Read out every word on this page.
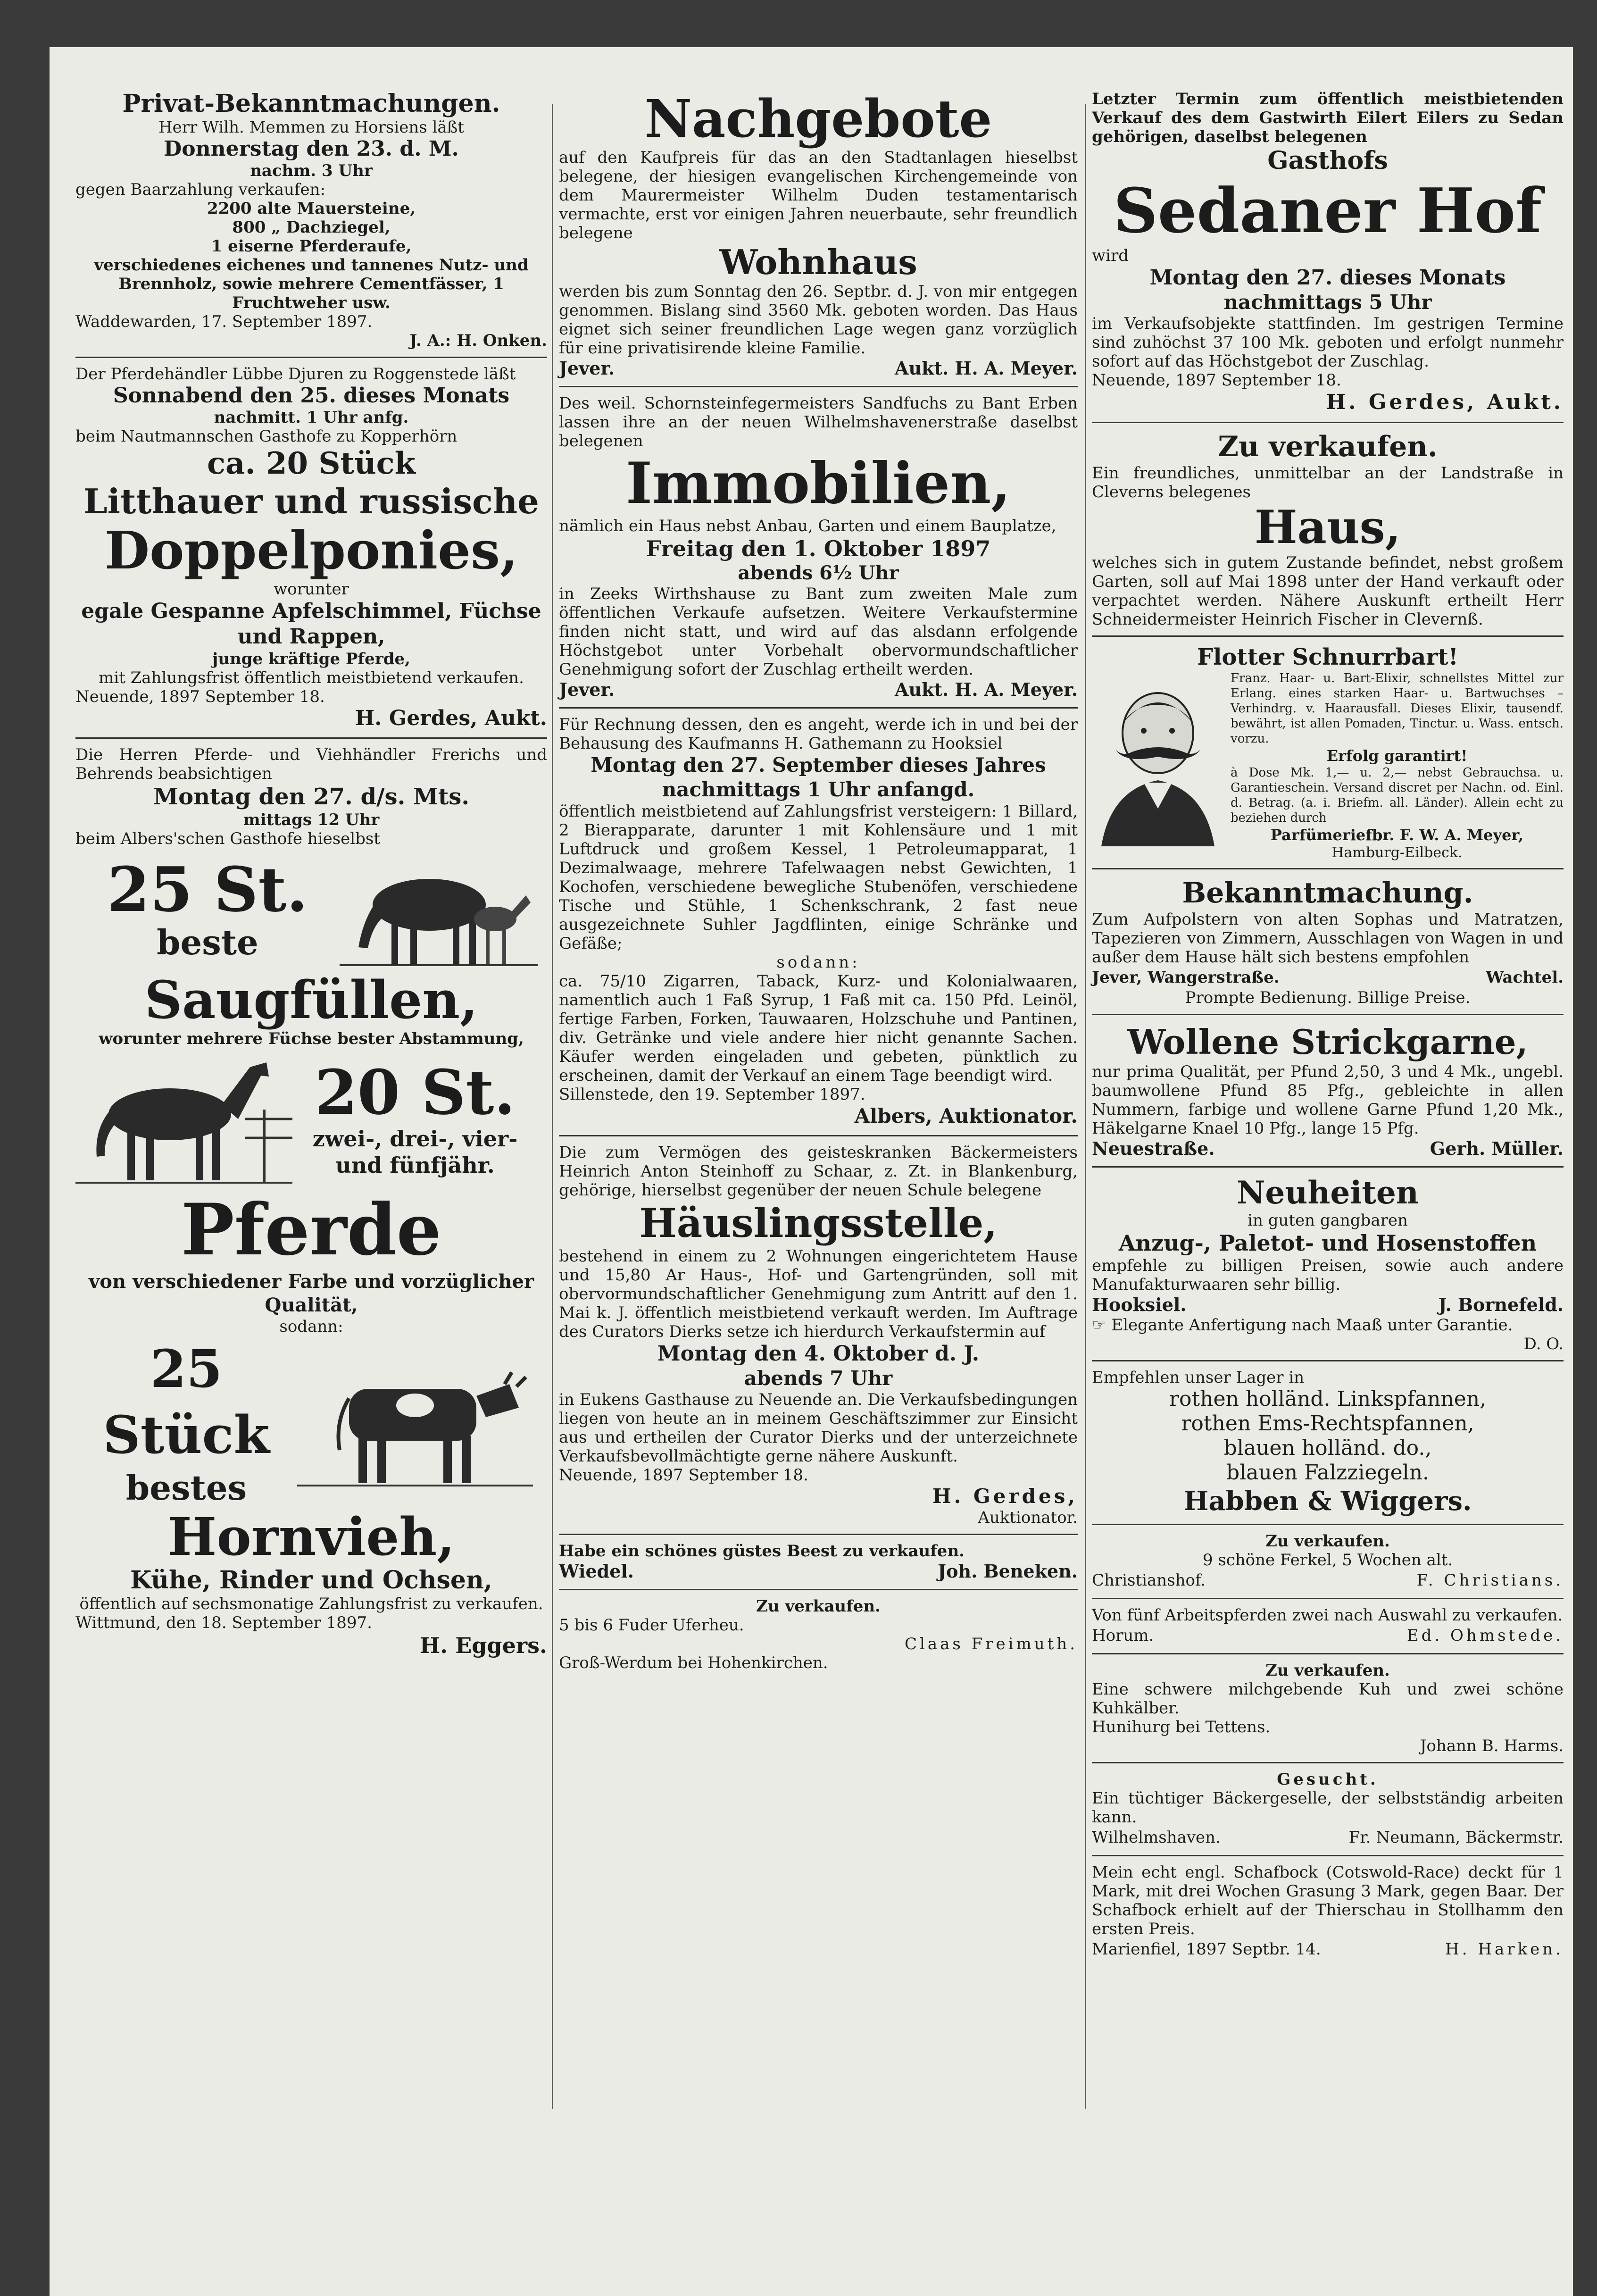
Privat-Bekanntmachungen.

Herr Wilh. Memmen zu Horsiens läßt

Donnerstag den 23. d. M.

nachm. 3 Uhr

gegen Baarzahlung verkaufen:

2200 alte Mauersteine,

800 „ Dachziegel,

1 eiserne Pferderaufe,

verschiedenes eichenes und tannenes Nutz- und Brennholz, sowie mehrere Cementfässer, 1 Fruchtweher usw.

Waddewarden, 17. September 1897.

J. A.: H. Onken.

Der Pferdehändler Lübbe Djuren zu Roggenstede läßt

Sonnabend den 25. dieses Monats

nachmitt. 1 Uhr anfg.

beim Nautmannschen Gasthofe zu Kopperhörn

ca. 20 Stück

Litthauer und russische

Doppelponies,

worunter

egale Gespanne Apfelschimmel, Füchse und Rappen,

junge kräftige Pferde,

mit Zahlungsfrist öffentlich meistbietend verkaufen.

Neuende, 1897 September 18.

H. Gerdes, Aukt.

Die Herren Pferde- und Viehhändler Frerichs und Behrends beabsichtigen

Montag den 27. d/s. Mts.

mittags 12 Uhr

beim Albers'schen Gasthofe hieselbst

25 St.

beste

Saugfüllen,

worunter mehrere Füchse bester Abstammung,

20 St.

zwei-, drei-, vier- und fünfjähr.

Pferde

von verschiedener Farbe und vorzüglicher Qualität,

sodann:

25 Stück

bestes

Hornvieh,

Kühe, Rinder und Ochsen,

öffentlich auf sechsmonatige Zahlungsfrist zu verkaufen.

Wittmund, den 18. September 1897.

H. Eggers.

Nachgebote

auf den Kaufpreis für das an den Stadtanlagen hieselbst belegene, der hiesigen evangelischen Kirchengemeinde von dem Maurermeister Wilhelm Duden testamentarisch vermachte, erst vor einigen Jahren neuerbaute, sehr freundlich belegene

Wohnhaus

werden bis zum Sonntag den 26. Septbr. d. J. von mir entgegen genommen. Bislang sind 3560 Mk. geboten worden. Das Haus eignet sich seiner freundlichen Lage wegen ganz vorzüglich für eine privatisirende kleine Familie.

Jever.	Aukt. H. A. Meyer.

Des weil. Schornsteinfegermeisters Sandfuchs zu Bant Erben lassen ihre an der neuen Wilhelmshavenerstraße daselbst belegenen

Immobilien,

nämlich ein Haus nebst Anbau, Garten und einem Bauplatze,

Freitag den 1. Oktober 1897

abends 6½ Uhr

in Zeeks Wirthshause zu Bant zum zweiten Male zum öffentlichen Verkaufe aufsetzen. Weitere Verkaufstermine finden nicht statt, und wird auf das alsdann erfolgende Höchstgebot unter Vorbehalt obervormundschaftlicher Genehmigung sofort der Zuschlag ertheilt werden.

Jever.	Aukt. H. A. Meyer.

Für Rechnung dessen, den es angeht, werde ich in und bei der Behausung des Kaufmanns H. Gathemann zu Hooksiel

Montag den 27. September dieses Jahres

nachmittags 1 Uhr anfangd.

öffentlich meistbietend auf Zahlungsfrist versteigern: 1 Billard, 2 Bierapparate, darunter 1 mit Kohlensäure und 1 mit Luftdruck und großem Kessel, 1 Petroleumapparat, 1 Dezimalwaage, mehrere Tafelwaagen nebst Gewichten, 1 Kochofen, verschiedene bewegliche Stubenöfen, verschiedene Tische und Stühle, 1 Schenkschrank, 2 fast neue ausgezeichnete Suhler Jagdflinten, einige Schränke und Gefäße;

sodann:

ca. 75/10 Zigarren, Taback, Kurz- und Kolonialwaaren, namentlich auch 1 Faß Syrup, 1 Faß mit ca. 150 Pfd. Leinöl, fertige Farben, Forken, Tauwaaren, Holzschuhe und Pantinen, div. Getränke und viele andere hier nicht genannte Sachen. Käufer werden eingeladen und gebeten, pünktlich zu erscheinen, damit der Verkauf an einem Tage beendigt wird.

Sillenstede, den 19. September 1897.

Albers, Auktionator.

Die zum Vermögen des geisteskranken Bäckermeisters Heinrich Anton Steinhoff zu Schaar, z. Zt. in Blankenburg, gehörige, hierselbst gegenüber der neuen Schule belegene

Häuslingsstelle,

bestehend in einem zu 2 Wohnungen eingerichtetem Hause und 15,80 Ar Haus-, Hof- und Gartengründen, soll mit obervormundschaftlicher Genehmigung zum Antritt auf den 1. Mai k. J. öffentlich meistbietend verkauft werden. Im Auftrage des Curators Dierks setze ich hierdurch Verkaufstermin auf

Montag den 4. Oktober d. J.

abends 7 Uhr

in Eukens Gasthause zu Neuende an. Die Verkaufsbedingungen liegen von heute an in meinem Geschäftszimmer zur Einsicht aus und ertheilen der Curator Dierks und der unterzeichnete Verkaufsbevollmächtigte gerne nähere Auskunft.

Neuende, 1897 September 18.

H. Gerdes,

Auktionator.

Habe ein schönes güstes Beest zu verkaufen.

Wiedel.	Joh. Beneken.

Zu verkaufen.

5 bis 6 Fuder Uferheu.

Claas Freimuth.

Groß-Werdum bei Hohenkirchen.

Letzter Termin zum öffentlich meistbietenden Verkauf des dem Gastwirth Eilert Eilers zu Sedan gehörigen, daselbst belegenen

Gasthofs

Sedaner Hof

wird

Montag den 27. dieses Monats

nachmittags 5 Uhr

im Verkaufsobjekte stattfinden. Im gestrigen Termine sind zuhöchst 37 100 Mk. geboten und erfolgt nunmehr sofort auf das Höchstgebot der Zuschlag.

Neuende, 1897 September 18.

H. Gerdes, Aukt.

Zu verkaufen.

Ein freundliches, unmittelbar an der Landstraße in Cleverns belegenes

Haus,

welches sich in gutem Zustande befindet, nebst großem Garten, soll auf Mai 1898 unter der Hand verkauft oder verpachtet werden. Nähere Auskunft ertheilt Herr Schneidermeister Heinrich Fischer in Clevernß.

Flotter Schnurrbart!

Franz. Haar- u. Bart-Elixir, schnellstes Mittel zur Erlang. eines starken Haar- u. Bartwuchses – Verhindrg. v. Haarausfall. Dieses Elixir, tausendf. bewährt, ist allen Pomaden, Tinctur. u. Wass. entsch. vorzu.

Erfolg garantirt!

à Dose Mk. 1,— u. 2,— nebst Gebrauchsa. u. Garantieschein. Versand discret per Nachn. od. Einl. d. Betrag. (a. i. Briefm. all. Länder). Allein echt zu beziehen durch

Parfümeriefbr. F. W. A. Meyer,

Hamburg-Eilbeck.

Bekanntmachung.

Zum Aufpolstern von alten Sophas und Matratzen, Tapezieren von Zimmern, Ausschlagen von Wagen in und außer dem Hause hält sich bestens empfohlen

Jever, Wangerstraße.	Wachtel.

Prompte Bedienung. Billige Preise.

Wollene Strickgarne,

nur prima Qualität, per Pfund 2,50, 3 und 4 Mk., ungebl. baumwollene Pfund 85 Pfg., gebleichte in allen Nummern, farbige und wollene Garne Pfund 1,20 Mk., Häkelgarne Knael 10 Pfg., lange 15 Pfg.

Neuestraße.	Gerh. Müller.

Neuheiten

in guten gangbaren

Anzug-, Paletot- und Hosenstoffen

empfehle zu billigen Preisen, sowie auch andere Manufakturwaaren sehr billig.

Hooksiel.	J. Bornefeld.

☞ Elegante Anfertigung nach Maaß unter Garantie.

D. O.

Empfehlen unser Lager in

rothen holländ. Linkspfannen,

rothen Ems-Rechtspfannen,

blauen holländ. do.,

blauen Falzziegeln.

Habben & Wiggers.

Zu verkaufen.

9 schöne Ferkel, 5 Wochen alt.

Christianshof.	F. Christians.

Von fünf Arbeitspferden zwei nach Auswahl zu verkaufen.

Horum.	Ed. Ohmstede.

Zu verkaufen.

Eine schwere milchgebende Kuh und zwei schöne Kuhkälber.

Hunihurg bei Tettens.

Johann B. Harms.

Gesucht.

Ein tüchtiger Bäckergeselle, der selbstständig arbeiten kann.

Wilhelmshaven.	Fr. Neumann, Bäckermstr.

Mein echt engl. Schafbock (Cotswold-Race) deckt für 1 Mark, mit drei Wochen Grasung 3 Mark, gegen Baar. Der Schafbock erhielt auf der Thierschau in Stollhamm den ersten Preis.

Marienfiel, 1897 Septbr. 14.	H. Harken.
